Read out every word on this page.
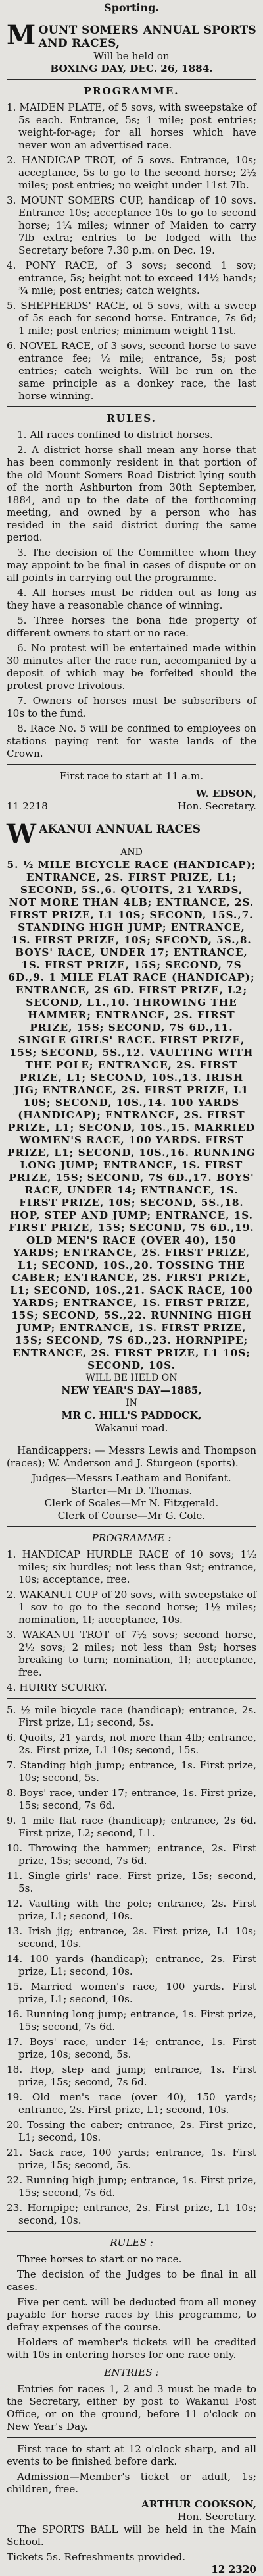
Sporting.
MOUNT SOMERS ANNUAL SPORTS AND RACES,
Will be held on
BOXING DAY, DEC. 26, 1884.
PROGRAMME.
1. MAIDEN PLATE, of 5 sovs, with sweepstake of 5s each. Entrance, 5s; 1 mile; post entries; weight-for-age; for all horses which have never won an advertised race.
2. HANDICAP TROT, of 5 sovs. Entrance, 10s; acceptance, 5s to go to the second horse; 2½ miles; post entries; no weight under 11st 7lb.
3. MOUNT SOMERS CUP, handicap of 10 sovs. Entrance 10s; acceptance 10s to go to second horse; 1¼ miles; winner of Maiden to carry 7lb extra; entries to be lodged with the Secretary before 7.30 p.m. on Dec. 19.
4. PONY RACE, of 3 sovs; second 1 sov; entrance, 5s; height not to exceed 14½ hands; ¾ mile; post entries; catch weights.
5. SHEPHERDS' RACE, of 5 sovs, with a sweep of 5s each for second horse. Entrance, 7s 6d; 1 mile; post entries; minimum weight 11st.
6. NOVEL RACE, of 3 sovs, second horse to save entrance fee; ½ mile; entrance, 5s; post entries; catch weights. Will be run on the same principle as a donkey race, the last horse winning.
RULES.

1. All races confined to district horses.

2. A district horse shall mean any horse that has been commonly resident in that portion of the old Mount Somers Road District lying south of the north Ashburton from 30th September, 1884, and up to the date of the forthcoming meeting, and owned by a person who has resided in the said district during the same period.

3. The decision of the Committee whom they may appoint to be final in cases of dispute or on all points in carrying out the programme.

4. All horses must be ridden out as long as they have a reasonable chance of winning.

5. Three horses the bona fide property of different owners to start or no race.

6. No protest will be entertained made within 30 minutes after the race run, accompanied by a deposit of which may be forfeited should the protest prove frivolous.

7. Owners of horses must be subscribers of 10s to the fund.

8. Race No. 5 will be confined to employees on stations paying rent for waste lands of the Crown.

First race to start at 11 a.m.
11 2218
W. EDSON,
Hon. Secretary.
WAKANUI ANNUAL RACES
AND
5. ½ MILE BICYCLE RACE (HANDICAP); ENTRANCE, 2S. FIRST PRIZE, L1; SECOND, 5S.,6. QUOITS, 21 YARDS, NOT MORE THAN 4LB; ENTRANCE, 2S. FIRST PRIZE, L1 10S; SECOND, 15S.,7. STANDING HIGH JUMP; ENTRANCE, 1S. FIRST PRIZE, 10S; SECOND, 5S.,8. BOYS' RACE, UNDER 17; ENTRANCE, 1S. FIRST PRIZE, 15S; SECOND, 7S 6D.,9. 1 MILE FLAT RACE (HANDICAP); ENTRANCE, 2S 6D. FIRST PRIZE, L2; SECOND, L1.,10. THROWING THE HAMMER; ENTRANCE, 2S. FIRST PRIZE, 15S; SECOND, 7S 6D.,11. SINGLE GIRLS' RACE. FIRST PRIZE, 15S; SECOND, 5S.,12. VAULTING WITH THE POLE; ENTRANCE, 2S. FIRST PRIZE, L1; SECOND, 10S.,13. IRISH JIG; ENTRANCE, 2S. FIRST PRIZE, L1 10S; SECOND, 10S.,14. 100 YARDS (HANDICAP); ENTRANCE, 2S. FIRST PRIZE, L1; SECOND, 10S.,15. MARRIED WOMEN'S RACE, 100 YARDS. FIRST PRIZE, L1; SECOND, 10S.,16. RUNNING LONG JUMP; ENTRANCE, 1S. FIRST PRIZE, 15S; SECOND, 7S 6D.,17. BOYS' RACE, UNDER 14; ENTRANCE, 1S. FIRST PRIZE, 10S; SECOND, 5S.,18. HOP, STEP AND JUMP; ENTRANCE, 1S. FIRST PRIZE, 15S; SECOND, 7S 6D.,19. OLD MEN'S RACE (OVER 40), 150 YARDS; ENTRANCE, 2S. FIRST PRIZE, L1; SECOND, 10S.,20. TOSSING THE CABER; ENTRANCE, 2S. FIRST PRIZE, L1; SECOND, 10S.,21. SACK RACE, 100 YARDS; ENTRANCE, 1S. FIRST PRIZE, 15S; SECOND, 5S.,22. RUNNING HIGH JUMP; ENTRANCE, 1S. FIRST PRIZE, 15S; SECOND, 7S 6D.,23. HORNPIPE; ENTRANCE, 2S. FIRST PRIZE, L1 10S; SECOND, 10S.
WILL BE HELD ON
NEW YEAR'S DAY—1885,
IN
MR C. HILL'S PADDOCK,
Wakanui road.

Handicappers: — Messrs Lewis and Thompson (races); W. Anderson and J. Sturgeon (sports).

Judges—Messrs Leatham and Bonifant.
Starter—Mr D. Thomas.
Clerk of Scales—Mr N. Fitzgerald.
Clerk of Course—Mr G. Cole.
PROGRAMME :
1. HANDICAP HURDLE RACE of 10 sovs; 1½ miles; six hurdles; not less than 9st; entrance, 10s; acceptance, free.
2. WAKANUI CUP of 20 sovs, with sweepstake of 1 sov to go to the second horse; 1½ miles; nomination, 1l; acceptance, 10s.
3. WAKANUI TROT of 7½ sovs; second horse, 2½ sovs; 2 miles; not less than 9st; horses breaking to turn; nomination, 1l; acceptance, free.
4. HURRY SCURRY.
5. ½ mile bicycle race (handicap); entrance, 2s. First prize, L1; second, 5s.
6. Quoits, 21 yards, not more than 4lb; entrance, 2s. First prize, L1 10s; second, 15s.
7. Standing high jump; entrance, 1s. First prize, 10s; second, 5s.
8. Boys' race, under 17; entrance, 1s. First prize, 15s; second, 7s 6d.
9. 1 mile flat race (handicap); entrance, 2s 6d. First prize, L2; second, L1.
10. Throwing the hammer; entrance, 2s. First prize, 15s; second, 7s 6d.
11. Single girls' race. First prize, 15s; second, 5s.
12. Vaulting with the pole; entrance, 2s. First prize, L1; second, 10s.
13. Irish jig; entrance, 2s. First prize, L1 10s; second, 10s.
14. 100 yards (handicap); entrance, 2s. First prize, L1; second, 10s.
15. Married women's race, 100 yards. First prize, L1; second, 10s.
16. Running long jump; entrance, 1s. First prize, 15s; second, 7s 6d.
17. Boys' race, under 14; entrance, 1s. First prize, 10s; second, 5s.
18. Hop, step and jump; entrance, 1s. First prize, 15s; second, 7s 6d.
19. Old men's race (over 40), 150 yards; entrance, 2s. First prize, L1; second, 10s.
20. Tossing the caber; entrance, 2s. First prize, L1; second, 10s.
21. Sack race, 100 yards; entrance, 1s. First prize, 15s; second, 5s.
22. Running high jump; entrance, 1s. First prize, 15s; second, 7s 6d.
23. Hornpipe; entrance, 2s. First prize, L1 10s; second, 10s.
RULES :

Three horses to start or no race.

The decision of the Judges to be final in all cases.

Five per cent. will be deducted from all money payable for horse races by this programme, to defray expenses of the course.

Holders of member's tickets will be credited with 10s in entering horses for one race only.

ENTRIES :

Entries for races 1, 2 and 3 must be made to the Secretary, either by post to Wakanui Post Office, or on the ground, before 11 o'clock on New Year's Day.

First race to start at 12 o'clock sharp, and all events to be finished before dark.

Admission—Member's ticket or adult, 1s; children, free.

ARTHUR COOKSON,
Hon. Secretary.

The SPORTS BALL will be held in the Main School.

Tickets 5s. Refreshments provided.
12 2320
